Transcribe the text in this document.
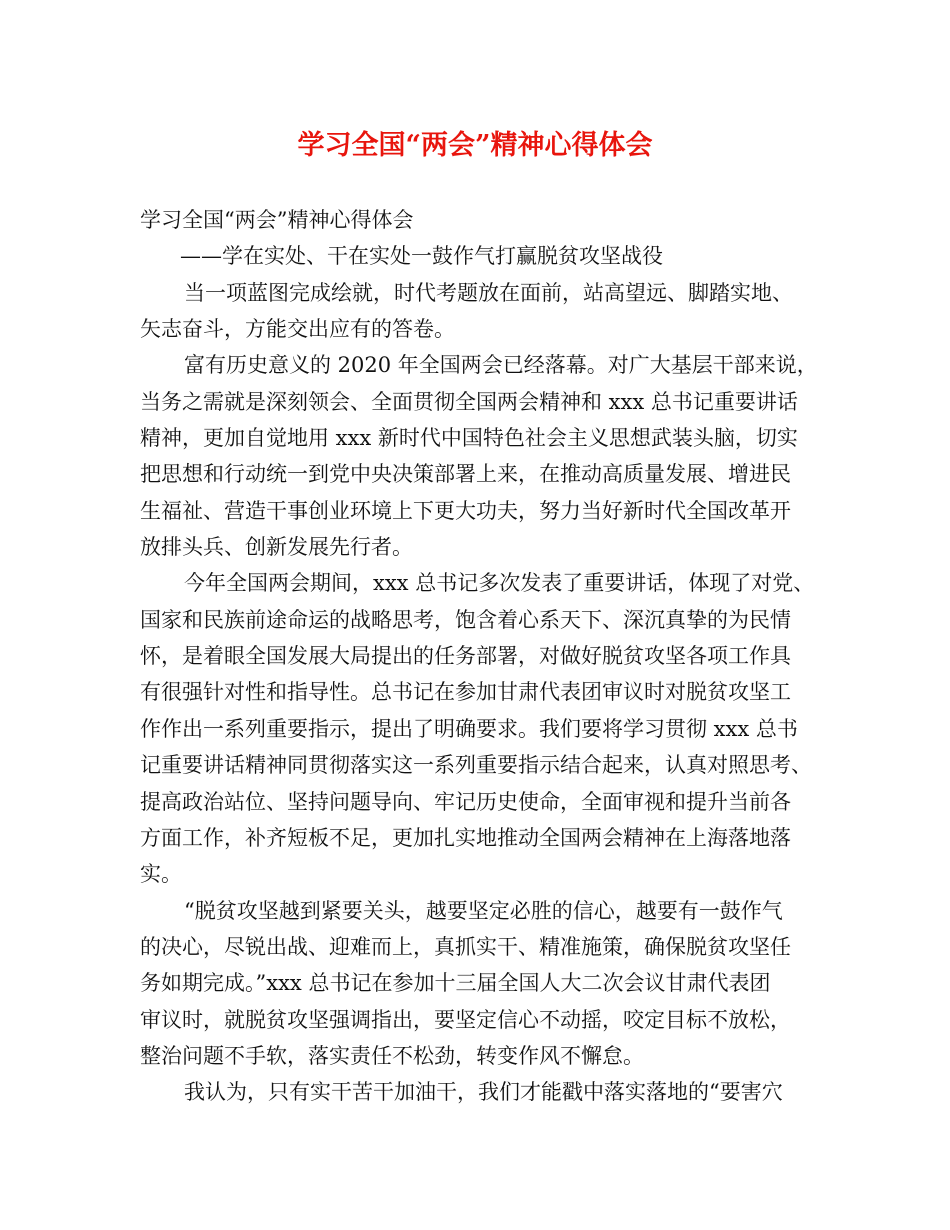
学习全国“两会”精神心得体会
学习全国“两会”精神心得体会
——学在实处、干在实处一鼓作气打赢脱贫攻坚战役
当一项蓝图完成绘就，时代考题放在面前，站高望远、脚踏实地、
矢志奋斗，方能交出应有的答卷。
富有历史意义的 2020 年全国两会已经落幕。对广大基层干部来说，
当务之需就是深刻领会、全面贯彻全国两会精神和 xxx 总书记重要讲话
精神，更加自觉地用 xxx 新时代中国特色社会主义思想武装头脑，切实
把思想和行动统一到党中央决策部署上来，在推动高质量发展、增进民
生福祉、营造干事创业环境上下更大功夫，努力当好新时代全国改革开
放排头兵、创新发展先行者。
今年全国两会期间，xxx 总书记多次发表了重要讲话，体现了对党、
国家和民族前途命运的战略思考，饱含着心系天下、深沉真挚的为民情
怀，是着眼全国发展大局提出的任务部署，对做好脱贫攻坚各项工作具
有很强针对性和指导性。总书记在参加甘肃代表团审议时对脱贫攻坚工
作作出一系列重要指示，提出了明确要求。我们要将学习贯彻 xxx 总书
记重要讲话精神同贯彻落实这一系列重要指示结合起来，认真对照思考、
提高政治站位、坚持问题导向、牢记历史使命，全面审视和提升当前各
方面工作，补齐短板不足，更加扎实地推动全国两会精神在上海落地落
实。
“脱贫攻坚越到紧要关头，越要坚定必胜的信心，越要有一鼓作气
的决心，尽锐出战、迎难而上，真抓实干、精准施策，确保脱贫攻坚任
务如期完成。”xxx 总书记在参加十三届全国人大二次会议甘肃代表团
审议时，就脱贫攻坚强调指出，要坚定信心不动摇，咬定目标不放松，
整治问题不手软，落实责任不松劲，转变作风不懈怠。
我认为，只有实干苦干加油干，我们才能戳中落实落地的“要害穴
